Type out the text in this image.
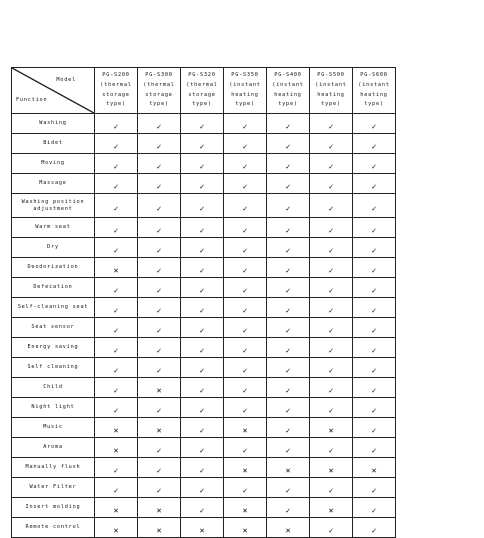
Model
Function	PG-S200
(thermal
storage
type)	PG-S300
(thermal
storage
type)	PG-S320
(thermal
storage
type)	PG-S350
(instant
heating
type)	PG-S400
(instant
heating
type)	PG-S500
(instant
heating
type)	PG-S600
(instant
heating
type)
Washing	✓	✓	✓	✓	✓	✓	✓
Bidet	✓	✓	✓	✓	✓	✓	✓
Moving	✓	✓	✓	✓	✓	✓	✓
Massage	✓	✓	✓	✓	✓	✓	✓
Washing position adjustment	✓	✓	✓	✓	✓	✓	✓
Warm seat	✓	✓	✓	✓	✓	✓	✓
Dry	✓	✓	✓	✓	✓	✓	✓
Deodorization	✕	✓	✓	✓	✓	✓	✓
Defecation	✓	✓	✓	✓	✓	✓	✓
Self-cleaning seat	✓	✓	✓	✓	✓	✓	✓
Seat sensor	✓	✓	✓	✓	✓	✓	✓
Energy saving	✓	✓	✓	✓	✓	✓	✓
Self cleaning	✓	✓	✓	✓	✓	✓	✓
Child	✓	✕	✓	✓	✓	✓	✓
Night light	✓	✓	✓	✓	✓	✓	✓
Music	✕	✕	✓	✕	✓	✕	✓
Aroma	✕	✓	✓	✓	✓	✓	✓
Manually flush	✓	✓	✓	✕	✕	✕	✕
Water Filter	✓	✓	✓	✓	✓	✓	✓
Insert molding	✕	✕	✓	✕	✓	✕	✓
Remote control	✕	✕	✕	✕	✕	✓	✓
